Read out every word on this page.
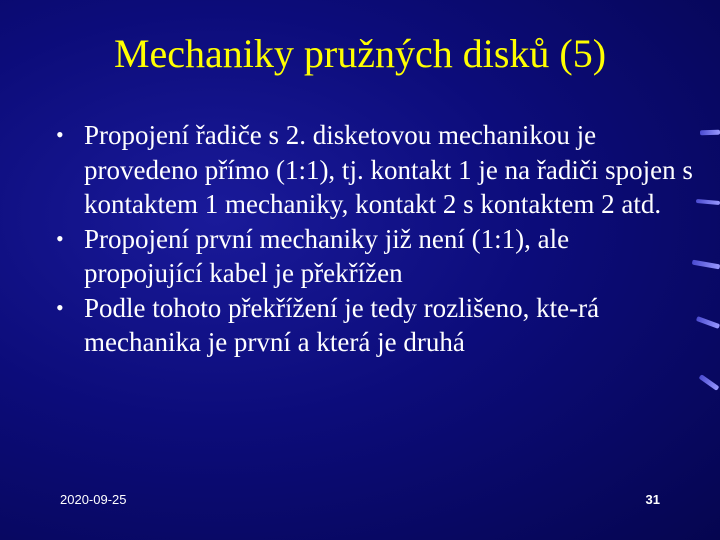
Mechaniky pružných disků (5)
• Propojení řadiče s 2. disketovou mechanikou je provedeno přímo (1:1), tj. kontakt 1 je na řadiči spojen s kontaktem 1 mechaniky, kontakt 2 s kontaktem 2 atd.
• Propojení první mechaniky již není (1:1), ale propojující kabel je překřížen
• Podle tohoto překřížení je tedy rozlišeno, kte-rá mechanika je první a která je druhá
2020-09-25	31
